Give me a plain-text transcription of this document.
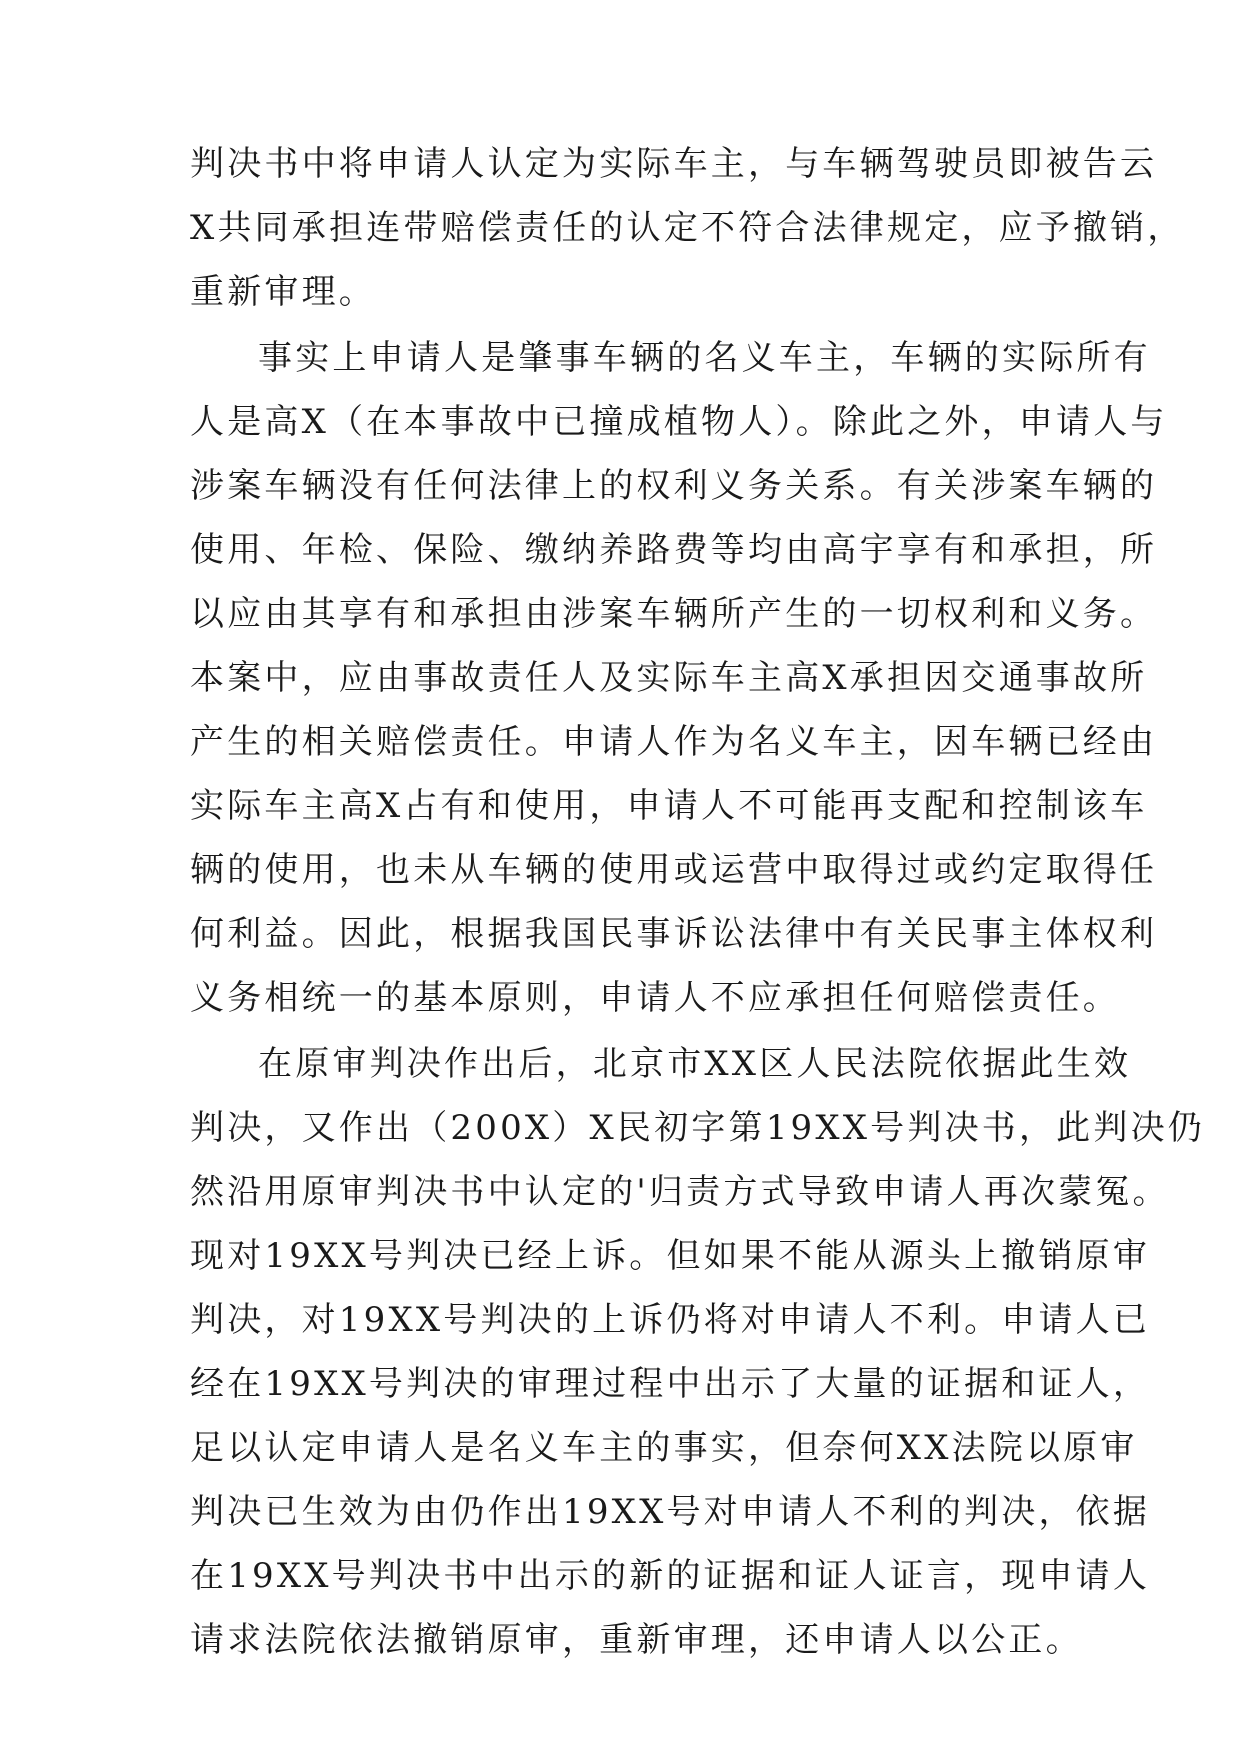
判决书中将申请人认定为实际车主，与车辆驾驶员即被告云
X共同承担连带赔偿责任的认定不符合法律规定，应予撤销，
重新审理。
事实上申请人是肇事车辆的名义车主，车辆的实际所有
人是高X（在本事故中已撞成植物人）。除此之外，申请人与
涉案车辆没有任何法律上的权利义务关系。有关涉案车辆的
使用、年检、保险、缴纳养路费等均由高宇享有和承担，所
以应由其享有和承担由涉案车辆所产生的一切权利和义务。
本案中，应由事故责任人及实际车主高X承担因交通事故所
产生的相关赔偿责任。申请人作为名义车主，因车辆已经由
实际车主高X占有和使用，申请人不可能再支配和控制该车
辆的使用，也未从车辆的使用或运营中取得过或约定取得任
何利益。因此，根据我国民事诉讼法律中有关民事主体权利
义务相统一的基本原则，申请人不应承担任何赔偿责任。
在原审判决作出后，北京市XX区人民法院依据此生效
判决，又作出（200X）X民初字第19XX号判决书，此判决仍
然沿用原审判决书中认定的'归责方式导致申请人再次蒙冤。
现对19XX号判决已经上诉。但如果不能从源头上撤销原审
判决，对19XX号判决的上诉仍将对申请人不利。申请人已
经在19XX号判决的审理过程中出示了大量的证据和证人，
足以认定申请人是名义车主的事实，但奈何XX法院以原审
判决已生效为由仍作出19XX号对申请人不利的判决，依据
在19XX号判决书中出示的新的证据和证人证言，现申请人
请求法院依法撤销原审，重新审理，还申请人以公正。
